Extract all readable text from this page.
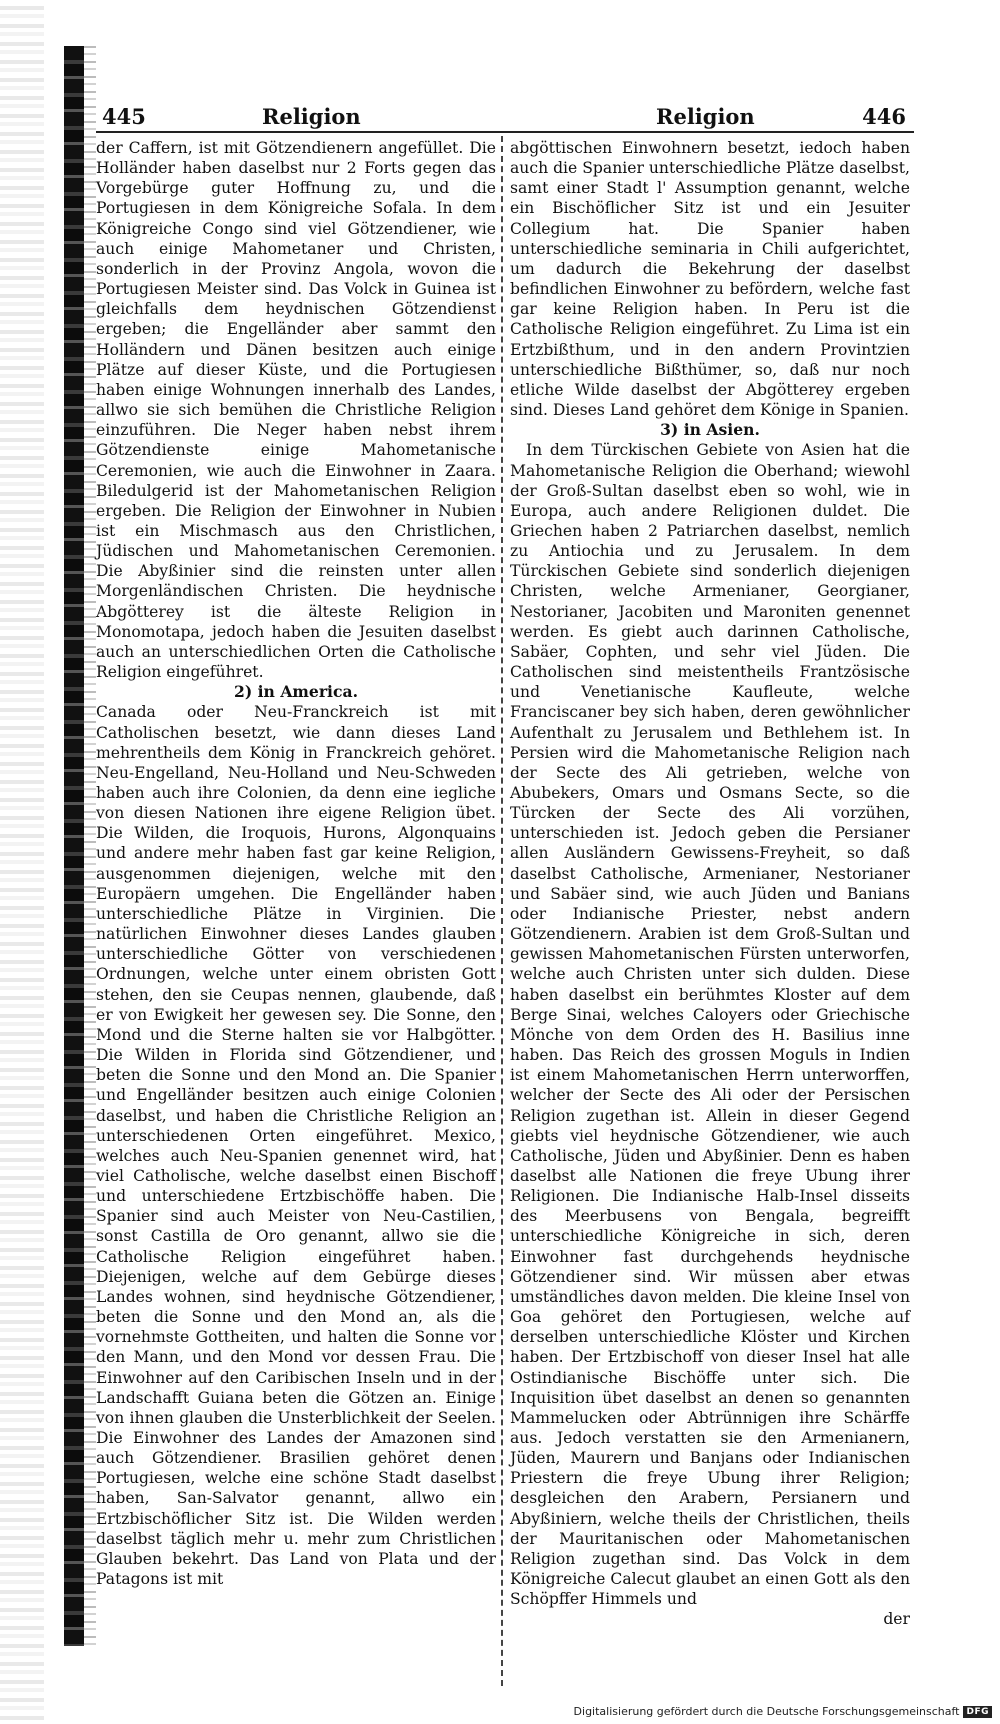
445	Religion	Religion	446

der Caffern, ist mit Götzendienern angefüllet. Die Holländer haben daselbst nur 2 Forts gegen das Vorgebürge guter Hoffnung zu, und die Portugiesen in dem Königreiche Sofala. In dem Königreiche Congo sind viel Götzendiener, wie auch einige Mahometaner und Christen, sonderlich in der Provinz Angola, wovon die Portugiesen Meister sind. Das Volck in Guinea ist gleichfalls dem heydnischen Götzendienst ergeben; die Engelländer aber sammt den Holländern und Dänen besitzen auch einige Plätze auf dieser Küste, und die Portugiesen haben einige Wohnungen innerhalb des Landes, allwo sie sich bemühen die Christliche Religion einzuführen. Die Neger haben nebst ihrem Götzendienste einige Mahometanische Ceremonien, wie auch die Einwohner in Zaara. Biledulgerid ist der Mahometanischen Religion ergeben. Die Religion der Einwohner in Nubien ist ein Mischmasch aus den Christlichen, Jüdischen und Mahometanischen Ceremonien. Die Abyßinier sind die reinsten unter allen Morgenländischen Christen. Die heydnische Abgötterey ist die älteste Religion in Monomotapa, jedoch haben die Jesuiten daselbst auch an unterschiedlichen Orten die Catholische Religion eingeführet.

2) in America.

Canada oder Neu-Franckreich ist mit Catholischen besetzt, wie dann dieses Land mehrentheils dem König in Franckreich gehöret. Neu-Engelland, Neu-Holland und Neu-Schweden haben auch ihre Colonien, da denn eine iegliche von diesen Nationen ihre eigene Religion übet. Die Wilden, die Iroquois, Hurons, Algonquains und andere mehr haben fast gar keine Religion, ausgenommen diejenigen, welche mit den Europäern umgehen. Die Engelländer haben unterschiedliche Plätze in Virginien. Die natürlichen Einwohner dieses Landes glauben unterschiedliche Götter von verschiedenen Ordnungen, welche unter einem obristen Gott stehen, den sie Ceupas nennen, glaubende, daß er von Ewigkeit her gewesen sey. Die Sonne, den Mond und die Sterne halten sie vor Halbgötter. Die Wilden in Florida sind Götzendiener, und beten die Sonne und den Mond an. Die Spanier und Engelländer besitzen auch einige Colonien daselbst, und haben die Christliche Religion an unterschiedenen Orten eingeführet. Mexico, welches auch Neu-Spanien genennet wird, hat viel Catholische, welche daselbst einen Bischoff und unterschiedene Ertzbischöffe haben. Die Spanier sind auch Meister von Neu-Castilien, sonst Castilla de Oro genannt, allwo sie die Catholische Religion eingeführet haben. Diejenigen, welche auf dem Gebürge dieses Landes wohnen, sind heydnische Götzendiener, beten die Sonne und den Mond an, als die vornehmste Gottheiten, und halten die Sonne vor den Mann, und den Mond vor dessen Frau. Die Einwohner auf den Caribischen Inseln und in der Landschafft Guiana beten die Götzen an. Einige von ihnen glauben die Unsterblichkeit der Seelen. Die Einwohner des Landes der Amazonen sind auch Götzendiener. Brasilien gehöret denen Portugiesen, welche eine schöne Stadt daselbst haben, San-Salvator genannt, allwo ein Ertzbischöflicher Sitz ist. Die Wilden werden daselbst täglich mehr u. mehr zum Christlichen Glauben bekehrt. Das Land von Plata und der Patagons ist mit

abgöttischen Einwohnern besetzt, iedoch haben auch die Spanier unterschiedliche Plätze daselbst, samt einer Stadt l' Assumption genannt, welche ein Bischöflicher Sitz ist und ein Jesuiter Collegium hat. Die Spanier haben unterschiedliche seminaria in Chili aufgerichtet, um dadurch die Bekehrung der daselbst befindlichen Einwohner zu befördern, welche fast gar keine Religion haben. In Peru ist die Catholische Religion eingeführet. Zu Lima ist ein Ertzbißthum, und in den andern Provintzien unterschiedliche Bißthümer, so, daß nur noch etliche Wilde daselbst der Abgötterey ergeben sind. Dieses Land gehöret dem Könige in Spanien.

3) in Asien.

In dem Türckischen Gebiete von Asien hat die Mahometanische Religion die Oberhand; wiewohl der Groß-Sultan daselbst eben so wohl, wie in Europa, auch andere Religionen duldet. Die Griechen haben 2 Patriarchen daselbst, nemlich zu Antiochia und zu Jerusalem. In dem Türckischen Gebiete sind sonderlich diejenigen Christen, welche Armenianer, Georgianer, Nestorianer, Jacobiten und Maroniten genennet werden. Es giebt auch darinnen Catholische, Sabäer, Cophten, und sehr viel Jüden. Die Catholischen sind meistentheils Frantzösische und Venetianische Kaufleute, welche Franciscaner bey sich haben, deren gewöhnlicher Aufenthalt zu Jerusalem und Bethlehem ist. In Persien wird die Mahometanische Religion nach der Secte des Ali getrieben, welche von Abubekers, Omars und Osmans Secte, so die Türcken der Secte des Ali vorzühen, unterschieden ist. Jedoch geben die Persianer allen Ausländern Gewissens-Freyheit, so daß daselbst Catholische, Armenianer, Nestorianer und Sabäer sind, wie auch Jüden und Banians oder Indianische Priester, nebst andern Götzendienern. Arabien ist dem Groß-Sultan und gewissen Mahometanischen Fürsten unterworfen, welche auch Christen unter sich dulden. Diese haben daselbst ein berühmtes Kloster auf dem Berge Sinai, welches Caloyers oder Griechische Mönche von dem Orden des H. Basilius inne haben. Das Reich des grossen Moguls in Indien ist einem Mahometanischen Herrn unterworffen, welcher der Secte des Ali oder der Persischen Religion zugethan ist. Allein in dieser Gegend giebts viel heydnische Götzendiener, wie auch Catholische, Jüden und Abyßinier. Denn es haben daselbst alle Nationen die freye Ubung ihrer Religionen. Die Indianische Halb-Insel disseits des Meerbusens von Bengala, begreifft unterschiedliche Königreiche in sich, deren Einwohner fast durchgehends heydnische Götzendiener sind. Wir müssen aber etwas umständliches davon melden. Die kleine Insel von Goa gehöret den Portugiesen, welche auf derselben unterschiedliche Klöster und Kirchen haben. Der Ertzbischoff von dieser Insel hat alle Ostindianische Bischöffe unter sich. Die Inquisition übet daselbst an denen so genannten Mammelucken oder Abtrünnigen ihre Schärffe aus. Jedoch verstatten sie den Armenianern, Jüden, Maurern und Banjans oder Indianischen Priestern die freye Ubung ihrer Religion; desgleichen den Arabern, Persianern und Abyßiniern, welche theils der Christlichen, theils der Mauritanischen oder Mahometanischen Religion zugethan sind. Das Volck in dem Königreiche Calecut glaubet an einen Gott als den Schöpffer Himmels und

der

Digitalisierung gefördert durch die Deutsche Forschungsgemeinschaft DFG
